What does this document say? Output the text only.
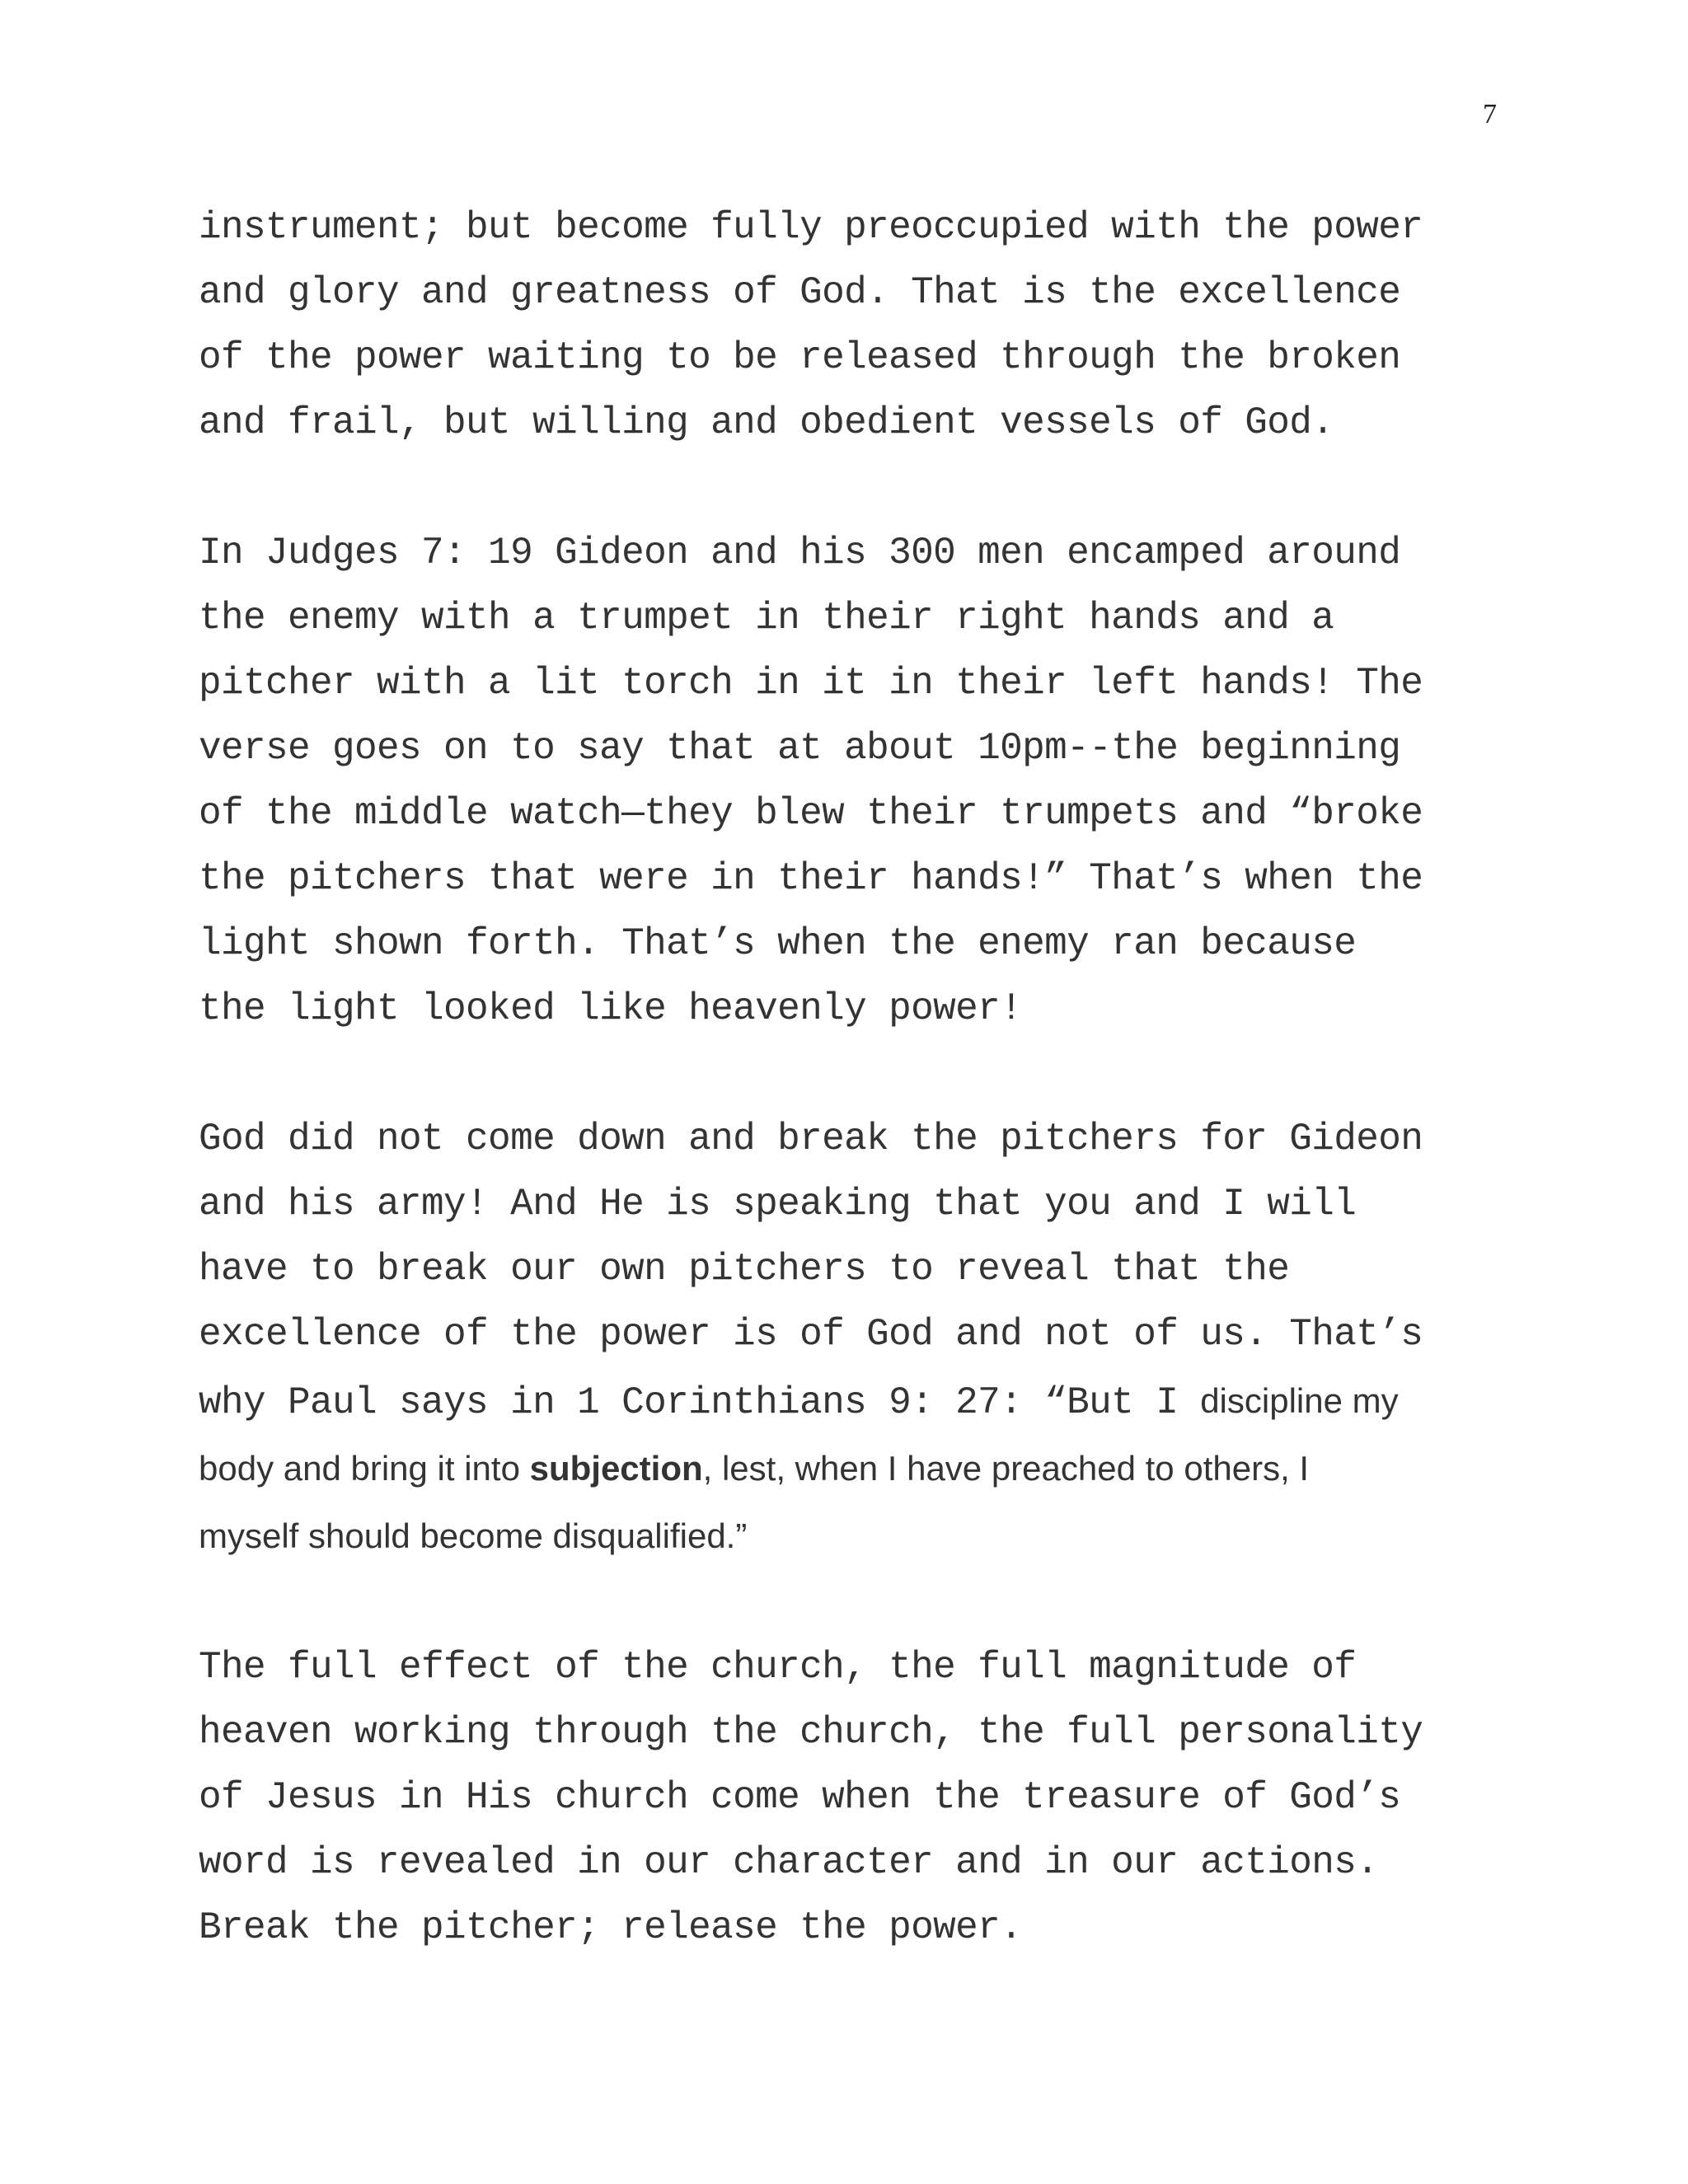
7
instrument; but become fully preoccupied with the power
and glory and greatness of God. That is the excellence
of the power waiting to be released through the broken
and frail, but willing and obedient vessels of God.
In Judges 7: 19 Gideon and his 300 men encamped around
the enemy with a trumpet in their right hands and a
pitcher with a lit torch in it in their left hands! The
verse goes on to say that at about 10pm--the beginning
of the middle watch—they blew their trumpets and “broke
the pitchers that were in their hands!” That’s when the
light shown forth. That’s when the enemy ran because
the light looked like heavenly power!
God did not come down and break the pitchers for Gideon
and his army! And He is speaking that you and I will
have to break our own pitchers to reveal that the
excellence of the power is of God and not of us. That’s
why Paul says in 1 Corinthians 9: 27: “But I discipline my
body and bring it into subjection, lest, when I have preached to others, I
myself should become disqualified.”
The full effect of the church, the full magnitude of
heaven working through the church, the full personality
of Jesus in His church come when the treasure of God’s
word is revealed in our character and in our actions.
Break the pitcher; release the power.
